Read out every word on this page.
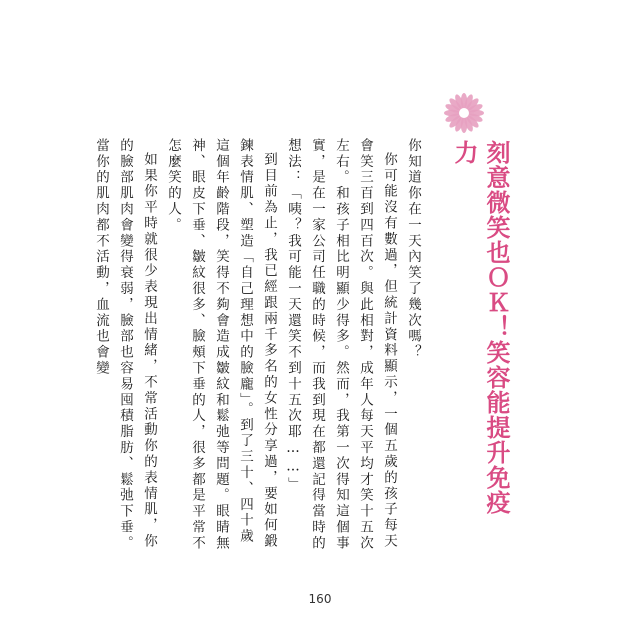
刻意微笑也ＯＫ！笑容能提升免疫力

你知道你在一天內笑了幾次嗎？

你可能沒有數過，但統計資料顯示，一個五歲的孩子每天會笑三百到四百次。與此相對，成年人每天平均才笑十五次左右。和孩子相比明顯少得多。然而，我第一次得知這個事實，是在一家公司任職的時候，而我到現在都還記得當時的想法：「咦？我可能一天還笑不到十五次耶……」

到目前為止，我已經跟兩千多名的女性分享過，要如何鍛鍊表情肌、塑造「自己理想中的臉龐」。到了三十、四十歲這個年齡階段，笑得不夠會造成皺紋和鬆弛等問題。眼睛無神、眼皮下垂、皺紋很多、臉頰下垂的人，很多都是平常不怎麼笑的人。

如果你平時就很少表現出情緒，不常活動你的表情肌，你的臉部肌肉會變得衰弱，臉部也容易囤積脂肪、鬆弛下垂。當你的肌肉都不活動，血流也會變

160
